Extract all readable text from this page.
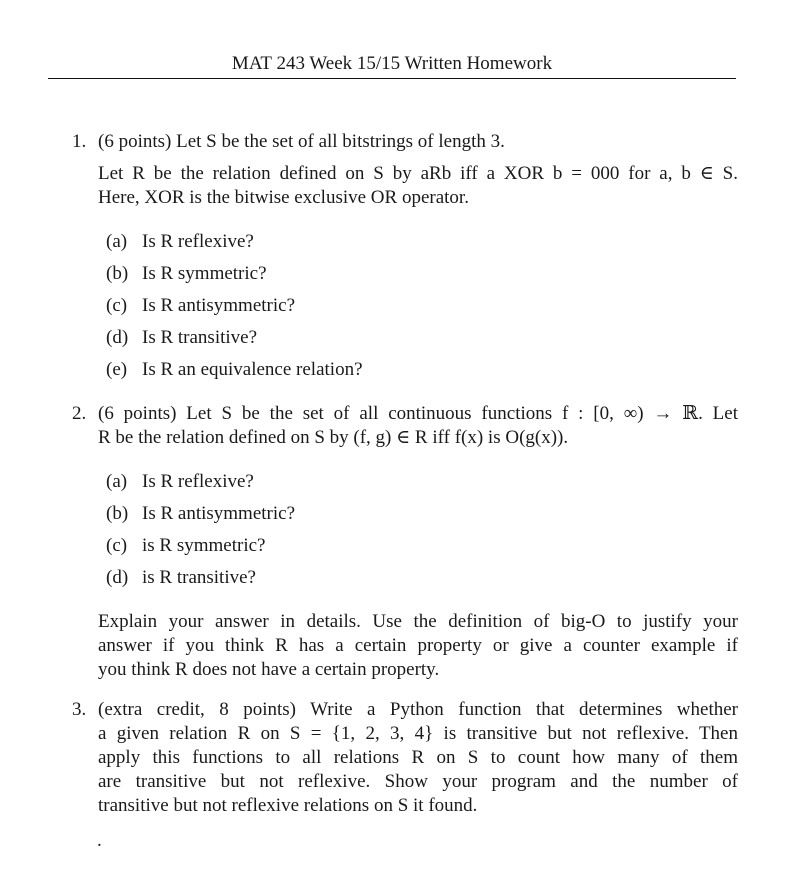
MAT 243 Week 15/15 Written Homework
1. (6 points) Let S be the set of all bitstrings of length 3.
Let R be the relation defined on S by aRb iff a XOR b = 000 for a, b ∈ S.
Here, XOR is the bitwise exclusive OR operator.
(a) Is R reflexive?
(b) Is R symmetric?
(c) Is R antisymmetric?
(d) Is R transitive?
(e) Is R an equivalence relation?
2. (6 points) Let S be the set of all continuous functions f : [0, ∞) → ℝ. Let
R be the relation defined on S by (f, g) ∈ R iff f(x) is O(g(x)).
(a) Is R reflexive?
(b) Is R antisymmetric?
(c) is R symmetric?
(d) is R transitive?
Explain your answer in details. Use the definition of big-O to justify your
answer if you think R has a certain property or give a counter example if
you think R does not have a certain property.
3. (extra credit, 8 points) Write a Python function that determines whether
a given relation R on S = {1, 2, 3, 4} is transitive but not reflexive. Then
apply this functions to all relations R on S to count how many of them
are transitive but not reflexive. Show your program and the number of
transitive but not reflexive relations on S it found.
.
